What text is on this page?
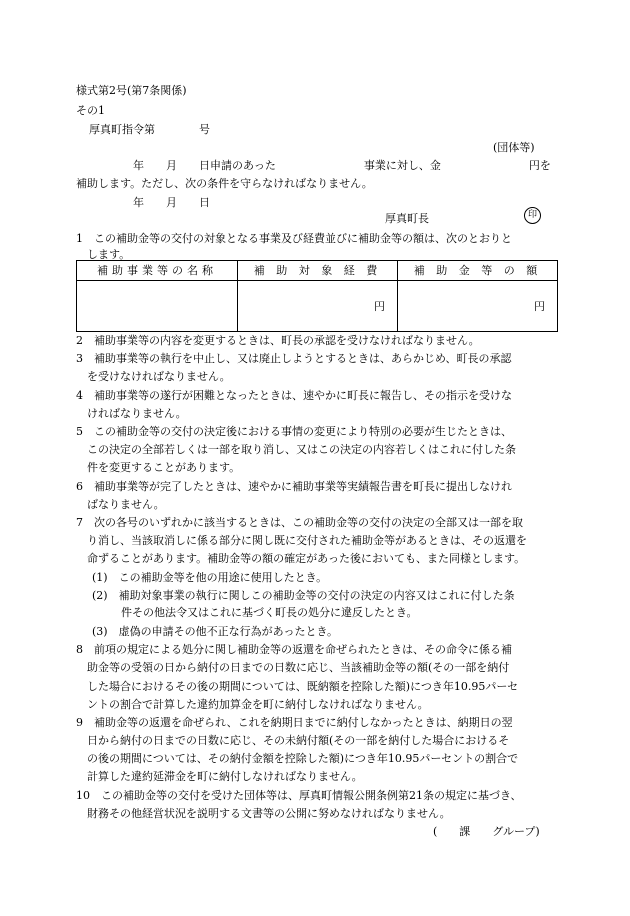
様式第2号(第7条関係)
その1
厚真町指令第　　　　号
(団体等)
年　　月　　日申請のあった　　　　　　　　事業に対し、金　　　　　　　　円を
補助します。ただし、次の条件を守らなければなりません。
年　　月　　日
厚真町長	印
1　この補助金等の交付の対象となる事業及び経費並びに補助金等の額は、次のとおりと
します。
補助事業等の名称	補 助 対 象 経 費	補 助 金 等 の 額
	円	円
2　補助事業等の内容を変更するときは、町長の承認を受けなければなりません。
3　補助事業等の執行を中止し、又は廃止しようとするときは、あらかじめ、町長の承認
を受けなければなりません。
4　補助事業等の遂行が困難となったときは、速やかに町長に報告し、その指示を受けな
ければなりません。
5　この補助金等の交付の決定後における事情の変更により特別の必要が生じたときは、
この決定の全部若しくは一部を取り消し、又はこの決定の内容若しくはこれに付した条
件を変更することがあります。
6　補助事業等が完了したときは、速やかに補助事業等実績報告書を町長に提出しなけれ
ばなりません。
7　次の各号のいずれかに該当するときは、この補助金等の交付の決定の全部又は一部を取
り消し、当該取消しに係る部分に関し既に交付された補助金等があるときは、その返還を
命ずることがあります。補助金等の額の確定があった後においても、また同様とします。
(1)　この補助金等を他の用途に使用したとき。
(2)　補助対象事業の執行に関しこの補助金等の交付の決定の内容又はこれに付した条
件その他法令又はこれに基づく町長の処分に違反したとき。
(3)　虚偽の申請その他不正な行為があったとき。
8　前項の規定による処分に関し補助金等の返還を命ぜられたときは、その命令に係る補
助金等の受領の日から納付の日までの日数に応じ、当該補助金等の額(その一部を納付
した場合におけるその後の期間については、既納額を控除した額)につき年10.95パーセ
ントの割合で計算した違約加算金を町に納付しなければなりません。
9　補助金等の返還を命ぜられ、これを納期日までに納付しなかったときは、納期日の翌
日から納付の日までの日数に応じ、その未納付額(その一部を納付した場合におけるそ
の後の期間については、その納付金額を控除した額)につき年10.95パーセントの割合で
計算した違約延滞金を町に納付しなければなりません。
10　この補助金等の交付を受けた団体等は、厚真町情報公開条例第21条の規定に基づき、
財務その他経営状況を説明する文書等の公開に努めなければなりません。
(　　課　　グループ)
